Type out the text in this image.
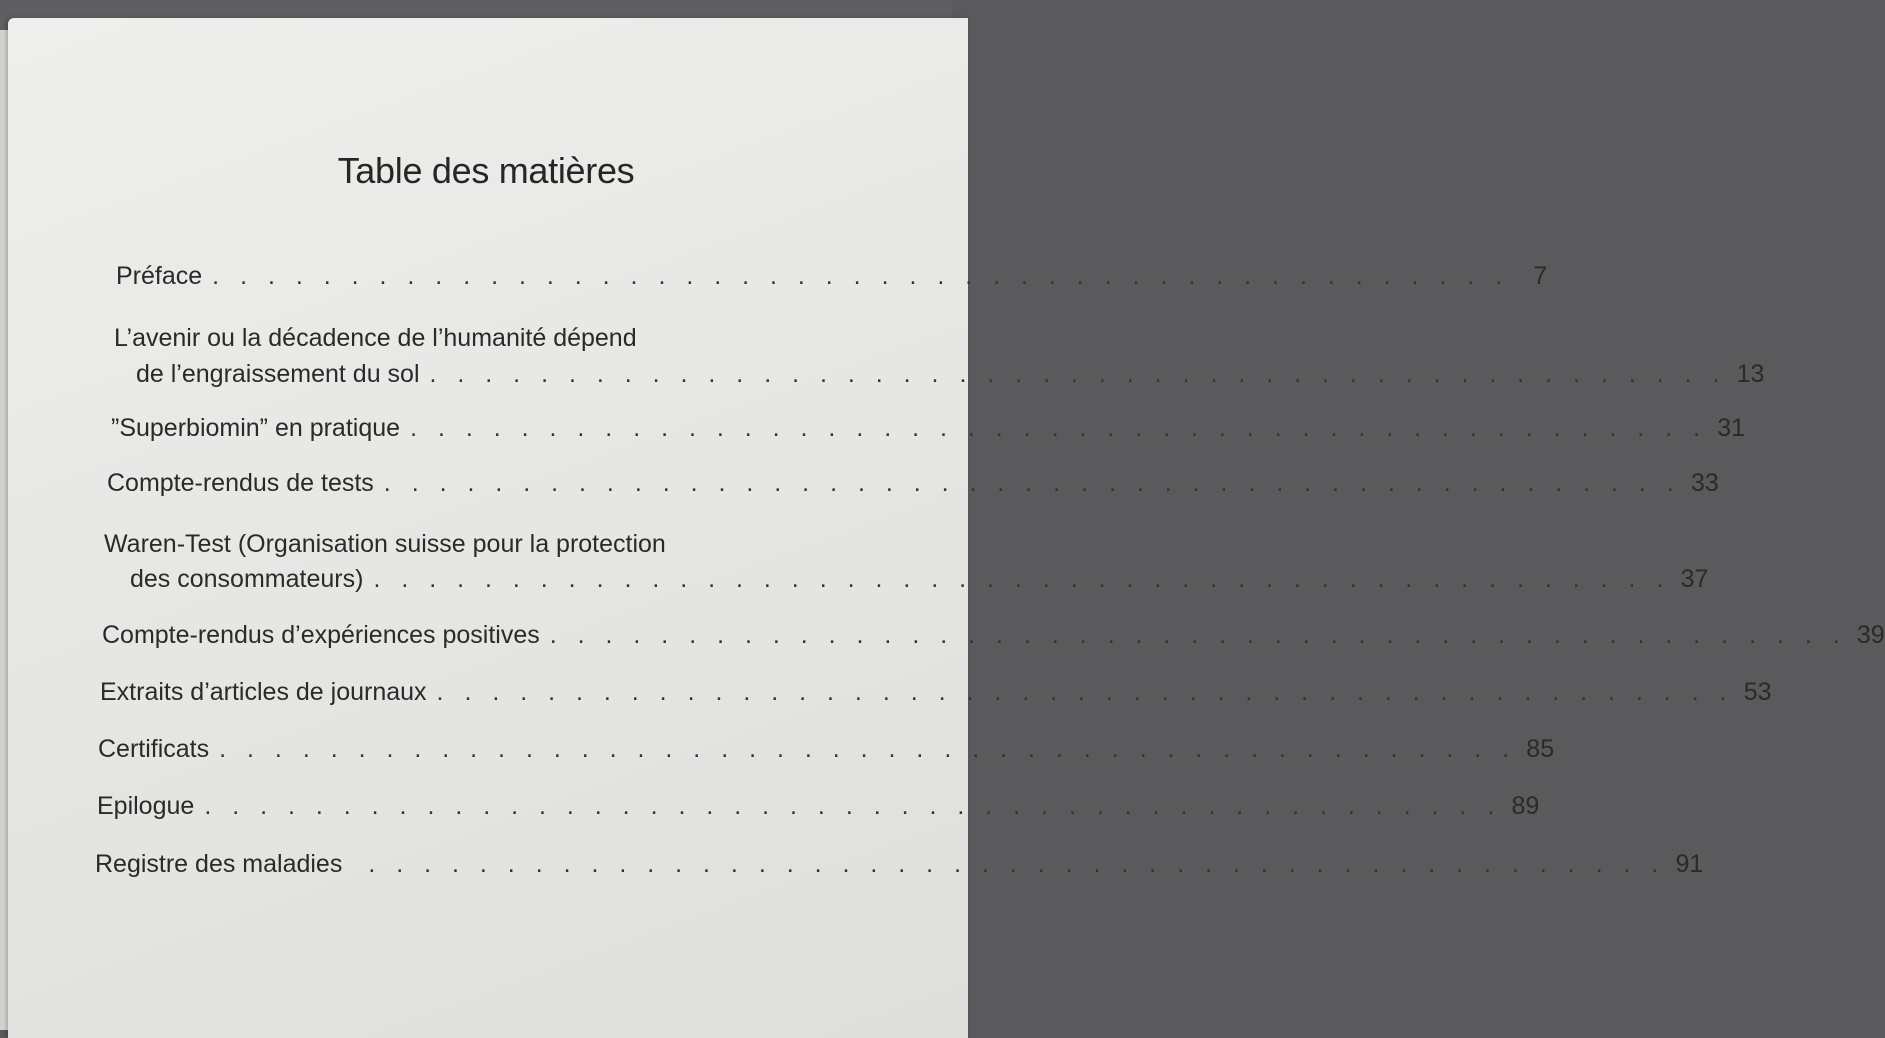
Table des matières
Préface . . . . . . . . . . . . . . . . . . . . . . . . . . . . . . . . . . . . . . . . . . . . . . . 7
L’avenir ou la décadence de l’humanité dépend
de l’engraissement du sol . . . . . . . . . . . . . . . . . . . . . . . . . . . . . . . . . . . . . . . . . . . . . . . 13
”Superbiomin” en pratique . . . . . . . . . . . . . . . . . . . . . . . . . . . . . . . . . . . . . . . . . . . . . . . 31
Compte-rendus de tests . . . . . . . . . . . . . . . . . . . . . . . . . . . . . . . . . . . . . . . . . . . . . . . 33
Waren-Test (Organisation suisse pour la protection
des consommateurs) . . . . . . . . . . . . . . . . . . . . . . . . . . . . . . . . . . . . . . . . . . . . . . . 37
Compte-rendus d’expériences positives . . . . . . . . . . . . . . . . . . . . . . . . . . . . . . . . . . . . . . . . . . . . . . . 39
Extraits d’articles de journaux . . . . . . . . . . . . . . . . . . . . . . . . . . . . . . . . . . . . . . . . . . . . . . . 53
Certificats . . . . . . . . . . . . . . . . . . . . . . . . . . . . . . . . . . . . . . . . . . . . . . . 85
Epilogue . . . . . . . . . . . . . . . . . . . . . . . . . . . . . . . . . . . . . . . . . . . . . . . 89
Registre des maladies . . . . . . . . . . . . . . . . . . . . . . . . . . . . . . . . . . . . . . . . . . . . . . . 91
